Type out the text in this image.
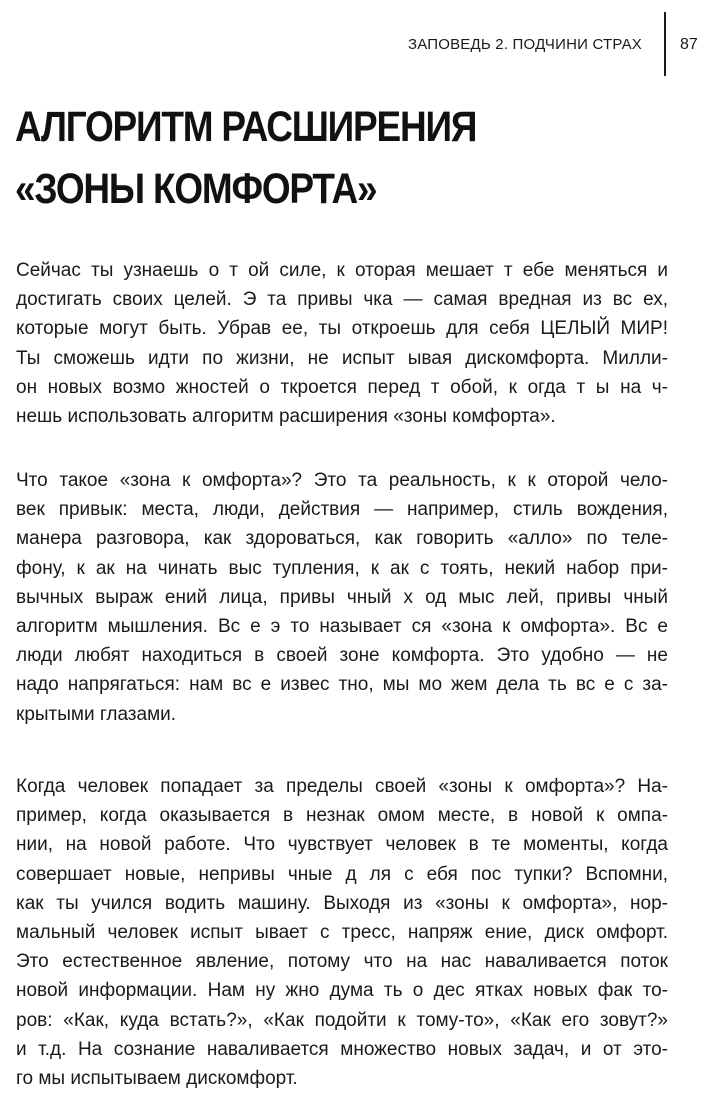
ЗАПОВЕДЬ 2. ПОДЧИНИ СТРАХ 87
АЛГОРИТМ РАСШИРЕНИЯ
«ЗОНЫ КОМФОРТА»
Сейчас ты узнаешь о т ой силе, к оторая мешает т ебе меняться и
достигать своих целей. Э та привы чка — самая вредная из вс ех,
которые могут быть. Убрав ее, ты откроешь для себя ЦЕЛЫЙ МИР!
Ты сможешь идти по жизни, не испыт ывая дискомфорта. Милли-
он новых возмо жностей о ткроется перед т обой, к огда т ы на ч-
нешь использовать алгоритм расширения «зоны комфорта».
Что такое «зона к омфорта»? Это та реальность, к к оторой чело-
век привык: места, люди, действия — например, стиль вождения,
манера разговора, как здороваться, как говорить «алло» по теле-
фону, к ак на чинать выс тупления, к ак с тоять, некий набор при-
вычных выраж ений лица, привы чный х од мыс лей, привы чный
алгоритм мышления. Вс е э то называет ся «зона к омфорта». Вс е
люди любят находиться в своей зоне комфорта. Это удобно — не
надо напрягаться: нам вс е извес тно, мы мо жем дела ть вс е с за-
крытыми глазами.
Когда человек попадает за пределы своей «зоны к омфорта»? На-
пример, когда оказывается в незнак омом месте, в новой к омпа-
нии, на новой работе. Что чувствует человек в те моменты, когда
совершает новые, непривы чные д ля с ебя пос тупки? Вспомни,
как ты учился водить машину. Выходя из «зоны к омфорта», нор-
мальный человек испыт ывает с тресс, напряж ение, диск омфорт.
Это естественное явление, потому что на нас наваливается поток
новой информации. Нам ну жно дума ть о дес ятках новых фак то-
ров: «Как, куда встать?», «Как подойти к тому-то», «Как его зовут?»
и т.д. На сознание наваливается множество новых задач, и от это-
го мы испытываем дискомфорт.
